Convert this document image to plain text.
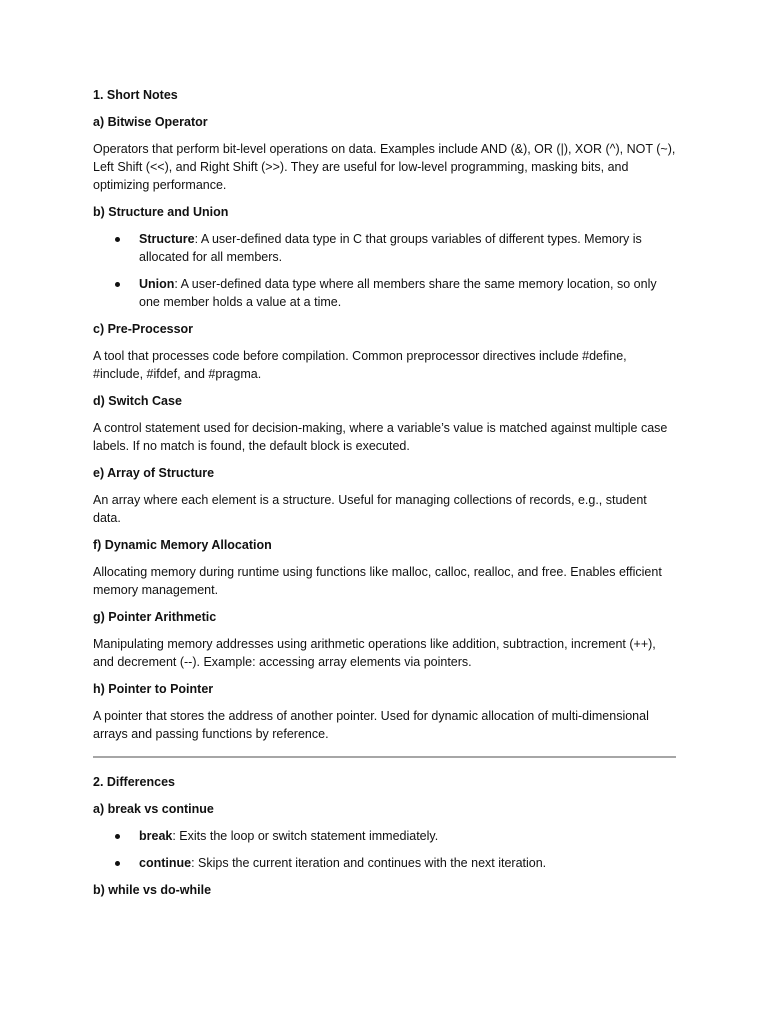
1. Short Notes
a) Bitwise Operator
Operators that perform bit-level operations on data. Examples include AND (&), OR (|), XOR (^), NOT (~), Left Shift (<<), and Right Shift (>>). They are useful for low-level programming, masking bits, and optimizing performance.
b) Structure and Union
Structure: A user-defined data type in C that groups variables of different types. Memory is allocated for all members.
Union: A user-defined data type where all members share the same memory location, so only one member holds a value at a time.
c) Pre-Processor
A tool that processes code before compilation. Common preprocessor directives include #define, #include, #ifdef, and #pragma.
d) Switch Case
A control statement used for decision-making, where a variable’s value is matched against multiple case labels. If no match is found, the default block is executed.
e) Array of Structure
An array where each element is a structure. Useful for managing collections of records, e.g., student data.
f) Dynamic Memory Allocation
Allocating memory during runtime using functions like malloc, calloc, realloc, and free. Enables efficient memory management.
g) Pointer Arithmetic
Manipulating memory addresses using arithmetic operations like addition, subtraction, increment (++), and decrement (--). Example: accessing array elements via pointers.
h) Pointer to Pointer
A pointer that stores the address of another pointer. Used for dynamic allocation of multi-dimensional arrays and passing functions by reference.
2. Differences
a) break vs continue
break: Exits the loop or switch statement immediately.
continue: Skips the current iteration and continues with the next iteration.
b) while vs do-while
